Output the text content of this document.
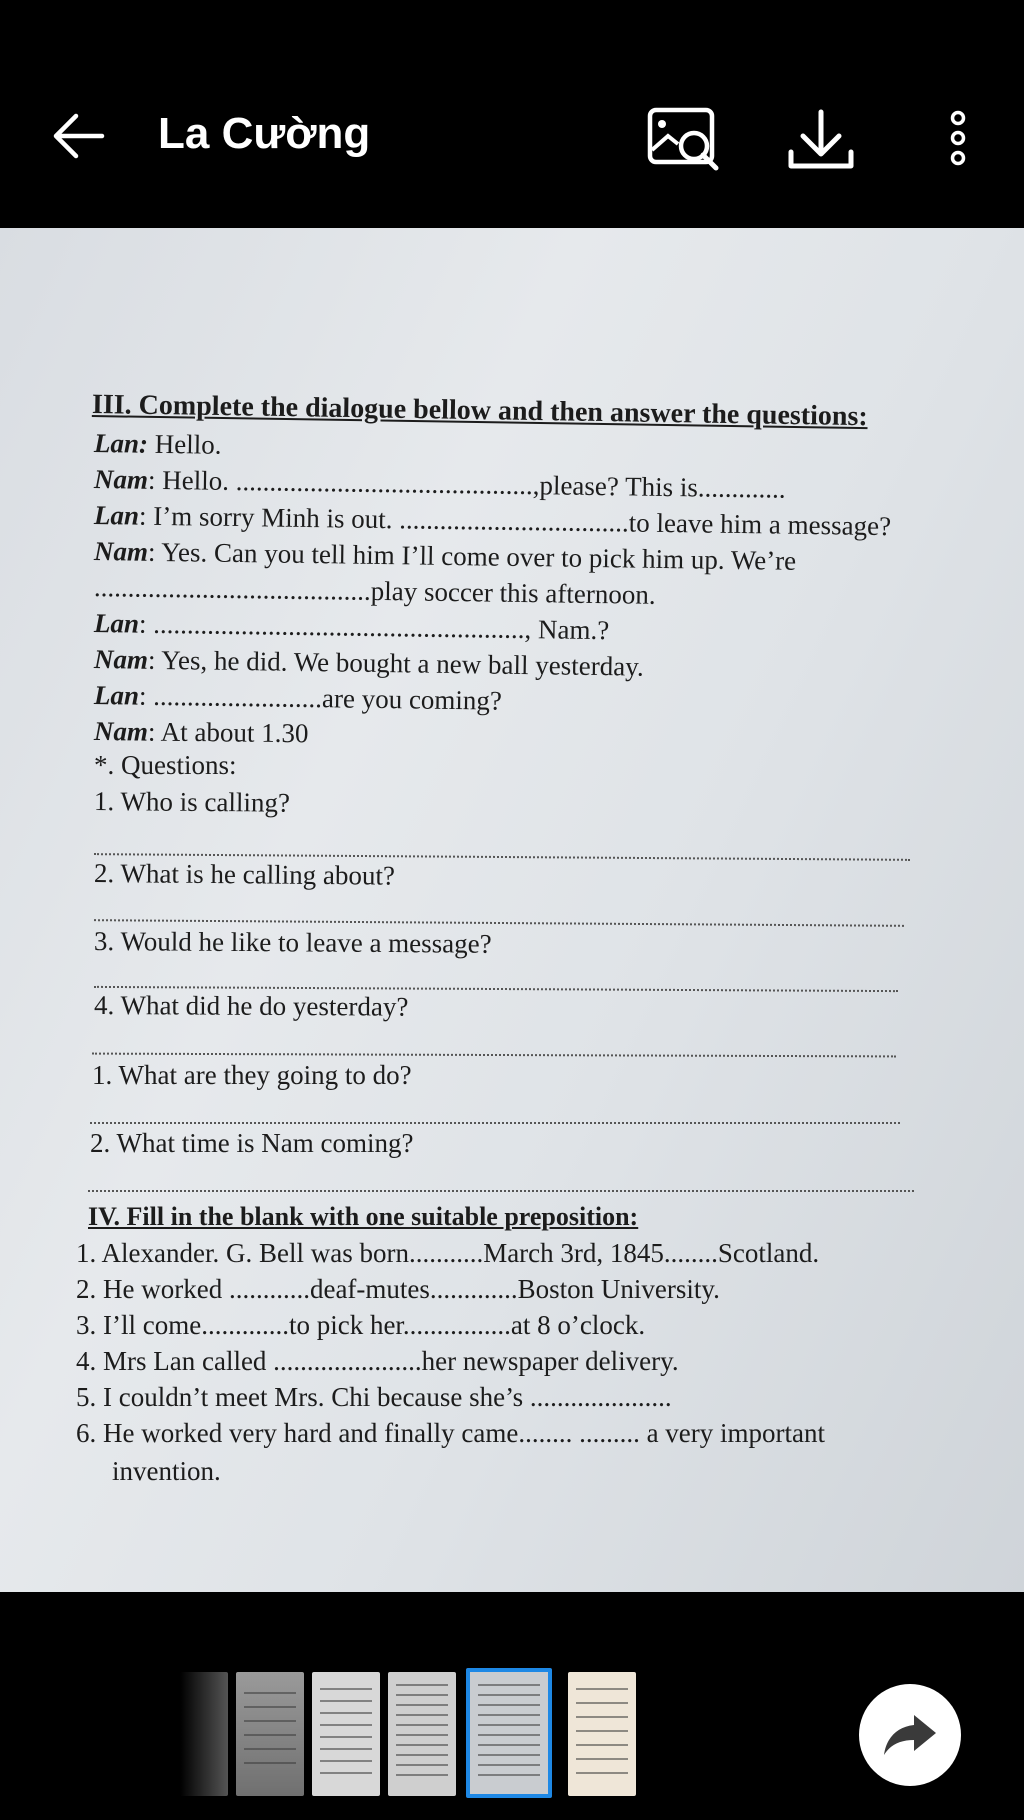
La Cường
III. Complete the dialogue bellow and then answer the questions:
Lan: Hello.
Nam: Hello. ............................................,please? This is.............
Lan: I’m sorry Minh is out. ..................................to leave him a message?
Nam: Yes. Can you tell him I’ll come over to pick him up. We’re
.........................................play soccer this afternoon.
Lan: ......................................................., Nam.?
Nam: Yes, he did. We bought a new ball yesterday.
Lan: .........................are you coming?
Nam: At about 1.30
*. Questions:
1. Who is calling?
2. What is he calling about?
3. Would he like to leave a message?
4. What did he do yesterday?
1. What are they going to do?
2. What time is Nam coming?
IV. Fill in the blank with one suitable preposition:
1. Alexander. G. Bell was born...........March 3rd, 1845........Scotland.
2. He worked ............deaf-mutes.............Boston University.
3. I’ll come.............to pick her................at 8 o’clock.
4. Mrs Lan called ......................her newspaper delivery.
5. I couldn’t meet Mrs. Chi because she’s .....................
6. He worked very hard and finally came........ ......... a very important
invention.
